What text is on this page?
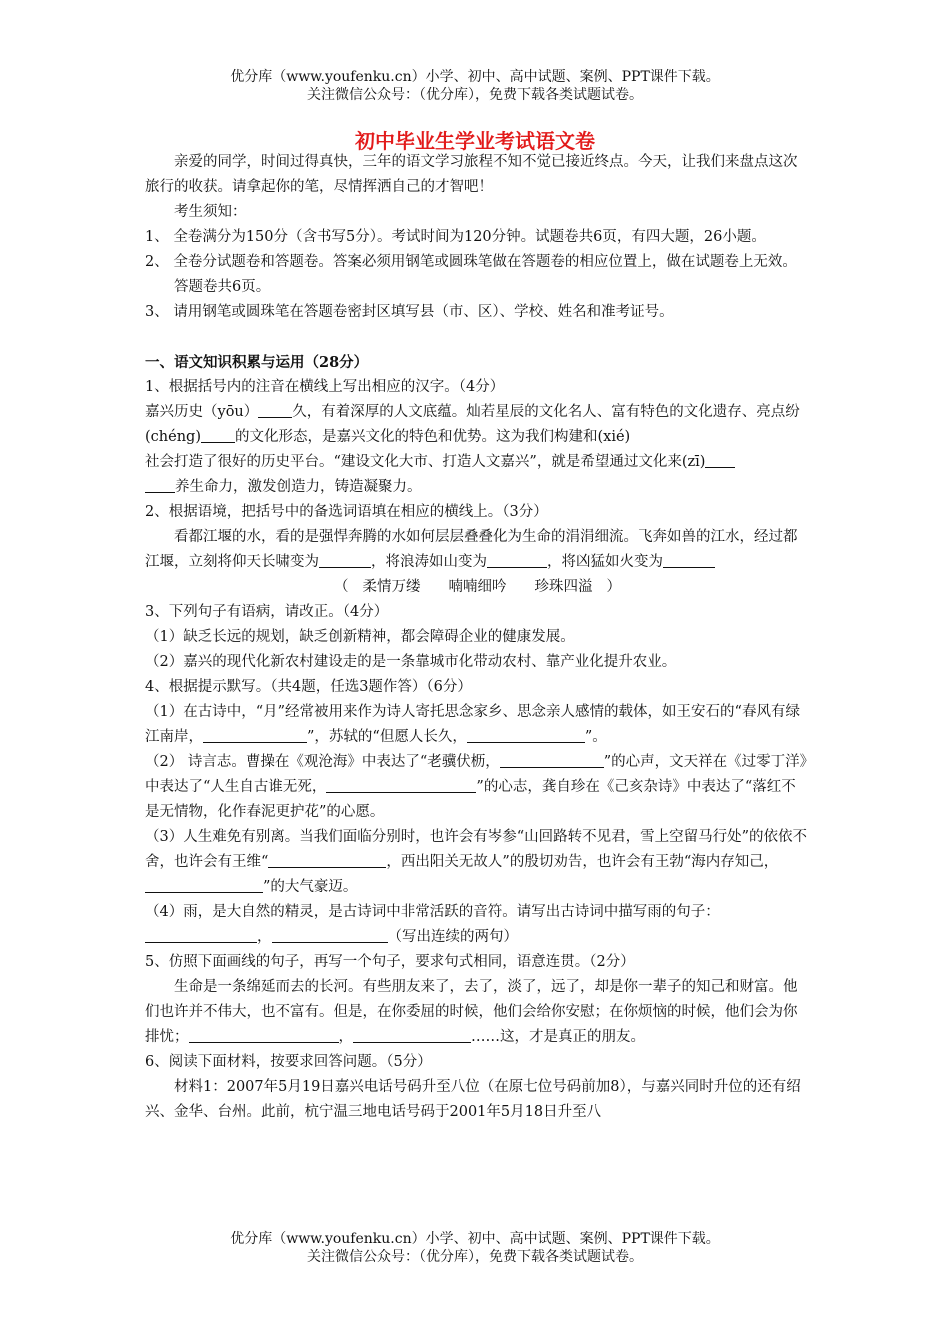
优分库（www.youfenku.cn）小学、初中、高中试题、案例、PPT课件下载。
关注微信公众号：（优分库），免费下载各类试题试卷。
初中毕业生学业考试语文卷

亲爱的同学，时间过得真快，三年的语文学习旅程不知不觉已接近终点。今天，让我们来盘点这次旅行的收获。请拿起你的笔，尽情挥洒自己的才智吧！

考生须知：

1、 全卷满分为150分（含书写5分）。考试时间为120分钟。试题卷共6页，有四大题，26小题。

2、 全卷分试题卷和答题卷。答案必须用钢笔或圆珠笔做在答题卷的相应位置上，做在试题卷上无效。答题卷共6页。

3、 请用钢笔或圆珠笔在答题卷密封区填写县（市、区）、学校、姓名和准考证号。

一、语文知识积累与运用（28分）

1、根据括号内的注音在横线上写出相应的汉字。（4分）

嘉兴历史（yōu） 久，有着深厚的人文底蕴。灿若星辰的文化名人、富有特色的文化遗存、亮点纷(chéng) 的文化形态，是嘉兴文化的特色和优势。这为我们构建和(xié)

社会打造了很好的历史平台。“建设文化大市、打造人文嘉兴”，就是希望通过文化来(zī)

养生命力，激发创造力，铸造凝聚力。

2、根据语境，把括号中的备选词语填在相应的横线上。（3分）

看都江堰的水，看的是强悍奔腾的水如何层层叠叠化为生命的涓涓细流。飞奔如兽的江水，经过都江堰，立刻将仰天长啸变为	，将浪涛如山变为	，将凶猛如火变为

（ 柔情万缕 喃喃细吟 珍珠四溢 ）

3、下列句子有语病，请改正。（4分）

（1）缺乏长远的规划，缺乏创新精神，都会障碍企业的健康发展。

（2）嘉兴的现代化新农村建设走的是一条靠城市化带动农村、靠产业化提升农业。

4、根据提示默写。（共4题，任选3题作答）（6分）

（1）在古诗中，“月”经常被用来作为诗人寄托思念家乡、思念亲人感情的载体，如王安石的“春风有绿江南岸，	”，苏轼的“但愿人长久，	”。

（2） 诗言志。曹操在《观沧海》中表达了“老骥伏枥，	”的心声，文天祥在《过零丁洋》中表达了“人生自古谁无死，	”的心志，龚自珍在《己亥杂诗》中表达了“落红不是无情物，化作春泥更护花”的心愿。

（3）人生难免有别离。当我们面临分别时，也许会有岑参“山回路转不见君，雪上空留马行处”的依依不舍，也许会有王维“	，西出阳关无故人”的殷切劝告，也许会有王勃“海内存知己，”的大气豪迈。

（4）雨，是大自然的精灵，是古诗词中非常活跃的音符。请写出古诗词中描写雨的句子：，	（写出连续的两句）

5、仿照下面画线的句子，再写一个句子，要求句式相同，语意连贯。（2分）

生命是一条绵延而去的长河。有些朋友来了，去了，淡了，远了，却是你一辈子的知己和财富。他们也许并不伟大，也不富有。但是，在你委屈的时候，他们会给你安慰；在你烦恼的时候，他们会为你排忧；	，	……这，才是真正的朋友。

6、阅读下面材料，按要求回答问题。（5分）

材料1：2007年5月19日嘉兴电话号码升至八位（在原七位号码前加8），与嘉兴同时升位的还有绍兴、金华、台州。此前，杭宁温三地电话号码于2001年5月18日升至八

优分库（www.youfenku.cn）小学、初中、高中试题、案例、PPT课件下载。
关注微信公众号：（优分库），免费下载各类试题试卷。
